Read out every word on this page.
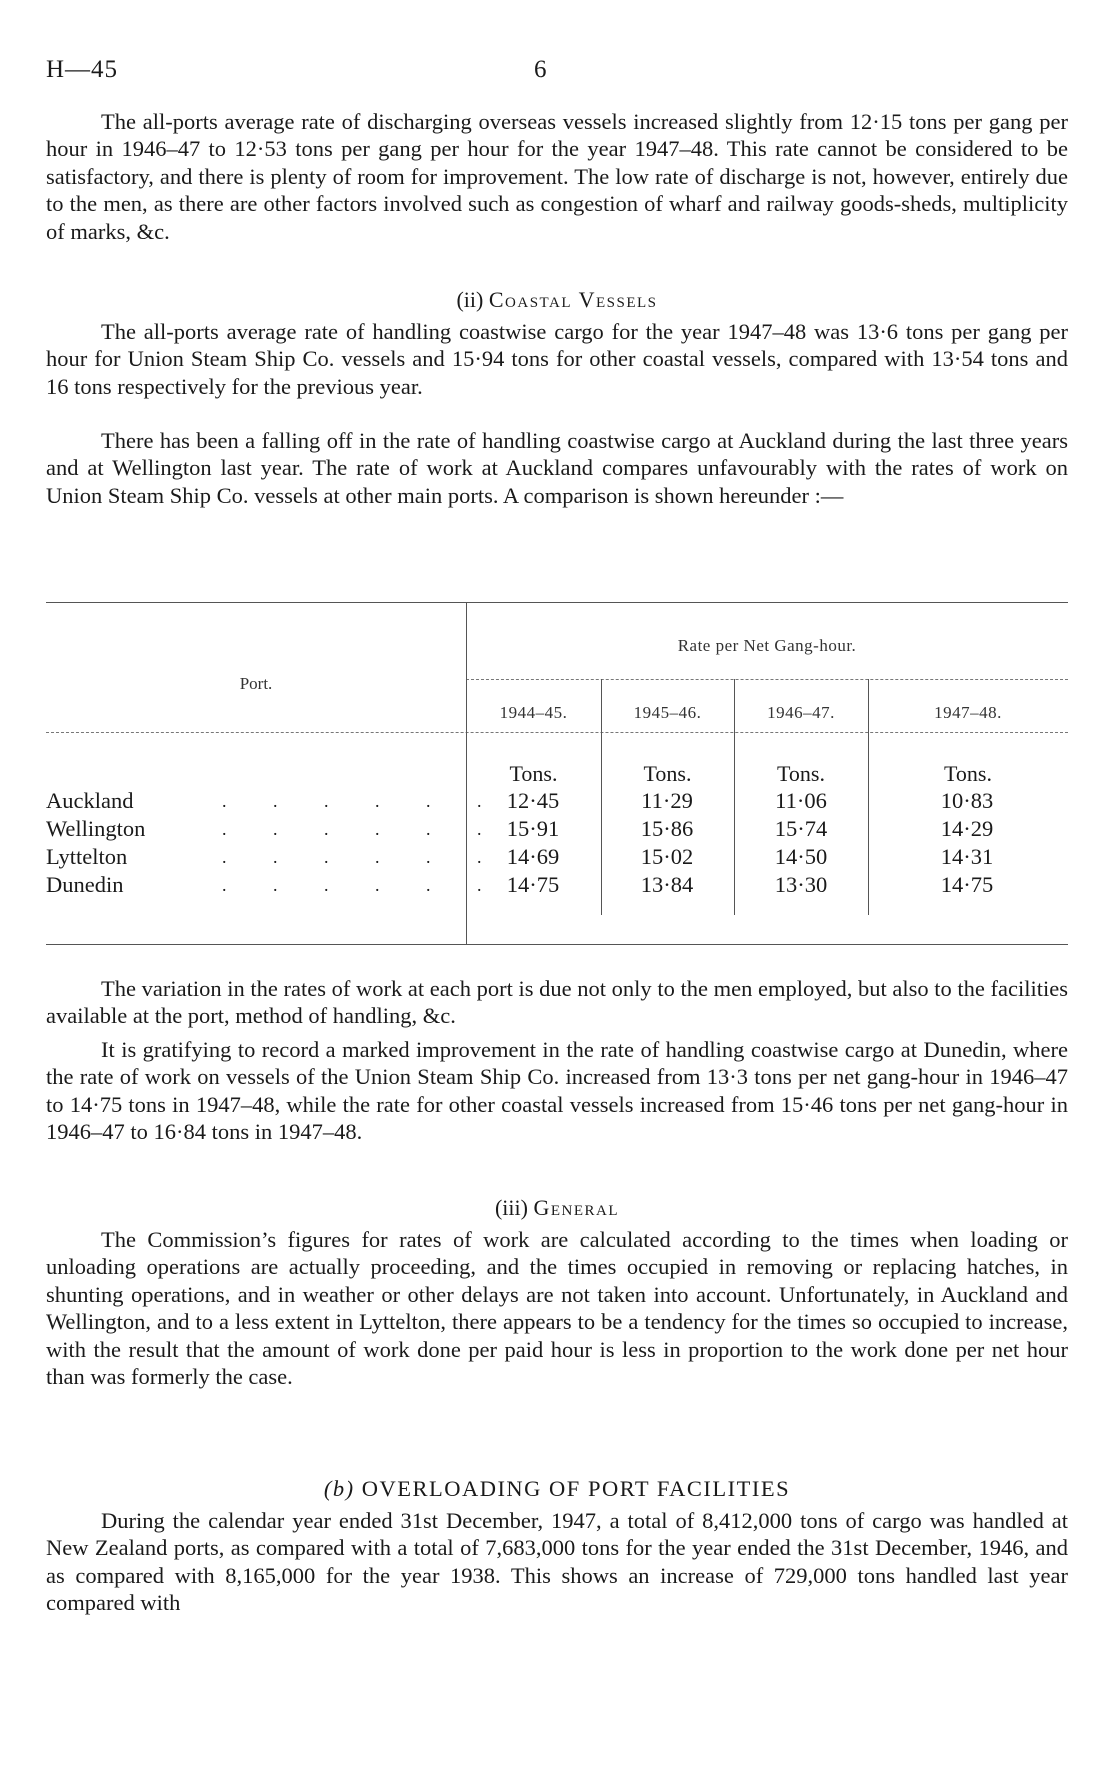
H—45	6

The all-ports average rate of discharging overseas vessels increased slightly from 12·15 tons per gang per hour in 1946–47 to 12·53 tons per gang per hour for the year 1947–48. This rate cannot be considered to be satisfactory, and there is plenty of room for improvement. The low rate of discharge is not, however, entirely due to the men, as there are other factors involved such as congestion of wharf and railway goods-sheds, multiplicity of marks, &c.

(ii) Coastal Vessels

The all-ports average rate of handling coastwise cargo for the year 1947–48 was 13·6 tons per gang per hour for Union Steam Ship Co. vessels and 15·94 tons for other coastal vessels, compared with 13·54 tons and 16 tons respectively for the previous year.

There has been a falling off in the rate of handling coastwise cargo at Auckland during the last three years and at Wellington last year. The rate of work at Auckland compares unfavourably with the rates of work on Union Steam Ship Co. vessels at other main ports. A comparison is shown hereunder :—

Port.
Rate per Net Gang-hour.
1944–45.	1945–46.	1946–47.	1947–48.
Tons.	Tons.	Tons.	Tons.
Auckland	. . . . . .	12·45	11·29	11·06	10·83
Wellington	. . . . . .	15·91	15·86	15·74	14·29
Lyttelton	. . . . . .	14·69	15·02	14·50	14·31
Dunedin	. . . . . .	14·75	13·84	13·30	14·75

The variation in the rates of work at each port is due not only to the men employed, but also to the facilities available at the port, method of handling, &c.

It is gratifying to record a marked improvement in the rate of handling coastwise cargo at Dunedin, where the rate of work on vessels of the Union Steam Ship Co. increased from 13·3 tons per net gang-hour in 1946–47 to 14·75 tons in 1947–48, while the rate for other coastal vessels increased from 15·46 tons per net gang-hour in 1946–47 to 16·84 tons in 1947–48.

(iii) General

The Commission’s figures for rates of work are calculated according to the times when loading or unloading operations are actually proceeding, and the times occupied in removing or replacing hatches, in shunting operations, and in weather or other delays are not taken into account. Unfortunately, in Auckland and Wellington, and to a less extent in Lyttelton, there appears to be a tendency for the times so occupied to increase, with the result that the amount of work done per paid hour is less in proportion to the work done per net hour than was formerly the case.

(b) OVERLOADING OF PORT FACILITIES

During the calendar year ended 31st December, 1947, a total of 8,412,000 tons of cargo was handled at New Zealand ports, as compared with a total of 7,683,000 tons for the year ended the 31st December, 1946, and as compared with 8,165,000 for the year 1938. This shows an increase of 729,000 tons handled last year compared with
